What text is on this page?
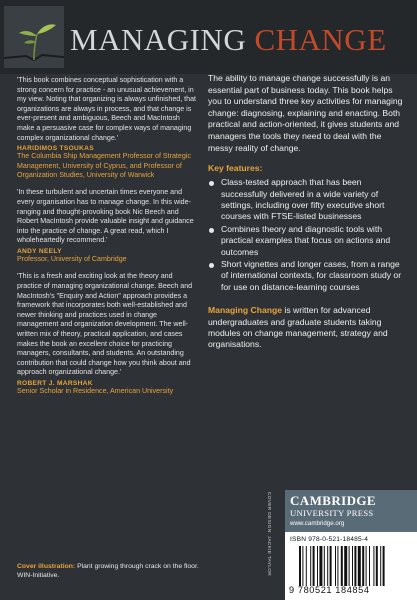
MANAGING CHANGE

'This book combines conceptual sophistication with a strong concern for practice - an unusual achievement, in my view. Noting that organizing is always unfinished, that organizations are always in process, and that change is ever-present and ambiguous, Beech and MacIntosh make a persuasive case for complex ways of managing complex organizational change.'

HARIDIMOS TSOUKAS
The Columbia Ship Management Professor of Strategic Management, University of Cyprus, and Professor of Organization Studies, University of Warwick

'In these turbulent and uncertain times everyone and every organisation has to manage change. In this wide-ranging and thought-provoking book Nic Beech and Robert MacIntosh provide valuable insight and guidance into the practice of change. A great read, which I wholeheartedly recommend.'

ANDY NEELY
Professor, University of Cambridge

'This is a fresh and exciting look at the theory and practice of managing organizational change. Beech and MacIntosh's "Enquiry and Action" approach provides a framework that incorporates both well-established and newer thinking and practices used in change management and organization development. The well-written mix of theory, practical application, and cases makes the book an excellent choice for practicing managers, consultants, and students. An outstanding contribution that could change how you think about and approach organizational change.'

ROBERT J. MARSHAK
Senior Scholar in Residence, American University
Cover illustration: Plant growing through crack on the floor. WIN-Initiative.

The ability to manage change successfully is an essential part of business today. This book helps you to understand three key activities for managing change: diagnosing, explaining and enacting. Both practical and action-oriented, it gives students and managers the tools they need to deal with the messy reality of change.

Key features:
Class-tested approach that has been successfully delivered in a wide variety of settings, including over fifty executive short courses with FTSE-listed businesses
Combines theory and diagnostic tools with practical examples that focus on actions and outcomes
Short vignettes and longer cases, from a range of international contexts, for classroom study or for use on distance-learning courses
Managing Change is written for advanced undergraduates and graduate students taking modules on change management, strategy and organisations.
COVER DESIGN: JACKIE TAYLOR CAMBRIDGE
UNIVERSITY PRESS
www.cambridge.org
ISBN 978-0-521-18485-4
9 780521 184854
